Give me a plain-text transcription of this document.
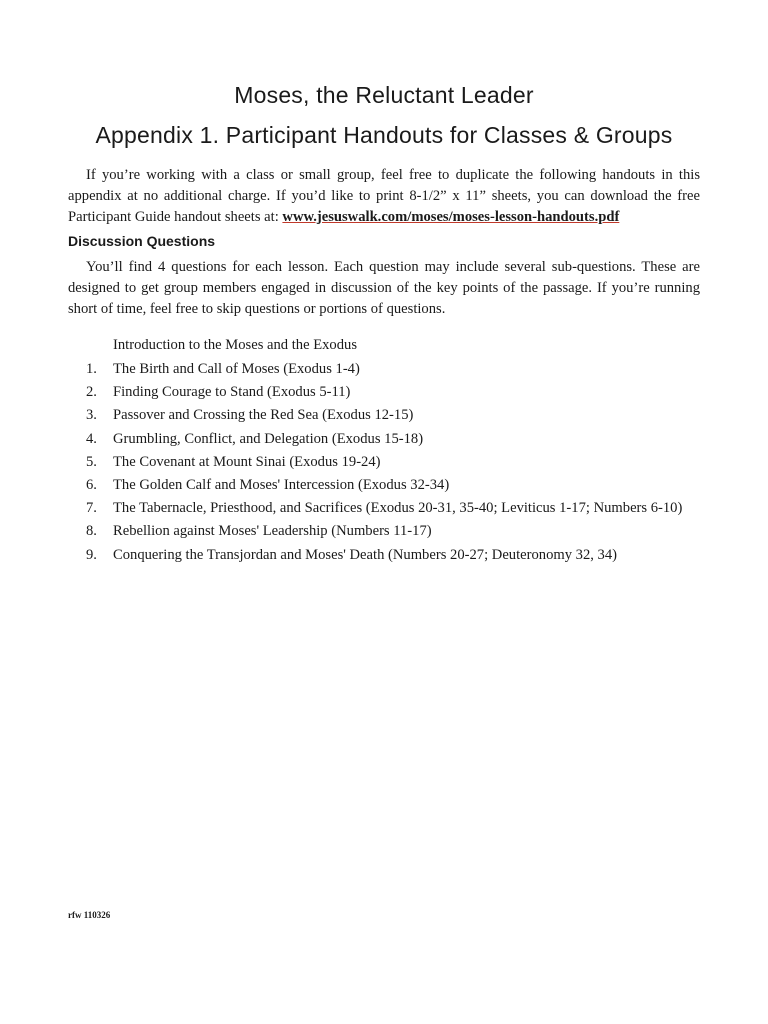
Moses, the Reluctant Leader
Appendix 1. Participant Handouts for Classes & Groups

If you’re working with a class or small group, feel free to duplicate the following handouts in this appendix at no additional charge. If you’d like to print 8-1/2” x 11” sheets, you can download the free Participant Guide handout sheets at: www.jesuswalk.com/moses/moses-lesson-handouts.pdf

Discussion Questions

You’ll find 4 questions for each lesson. Each question may include several sub-questions. These are designed to get group members engaged in discussion of the key points of the passage. If you’re running short of time, feel free to skip questions or portions of questions.

Introduction to the Moses and the Exodus

1.	The Birth and Call of Moses (Exodus 1-4)
2.	Finding Courage to Stand (Exodus 5-11)
3.	Passover and Crossing the Red Sea (Exodus 12-15)
4.	Grumbling, Conflict, and Delegation (Exodus 15-18)
5.	The Covenant at Mount Sinai (Exodus 19-24)
6.	The Golden Calf and Moses' Intercession (Exodus 32-34)
7.	The Tabernacle, Priesthood, and Sacrifices (Exodus 20-31, 35-40; Leviticus 1-17; Numbers 6-10)
8.	Rebellion against Moses' Leadership (Numbers 11-17)
9.	Conquering the Transjordan and Moses' Death (Numbers 20-27; Deuteronomy 32, 34)
rfw 110326
